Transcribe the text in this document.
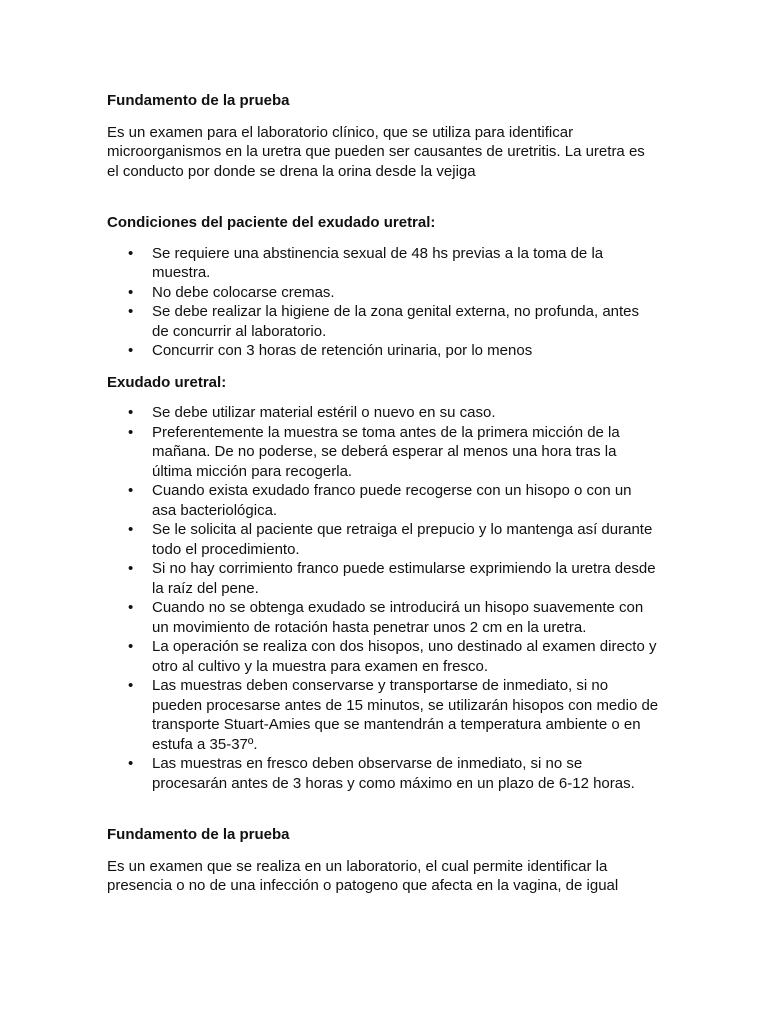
Fundamento de la prueba

Es un examen para el laboratorio clínico, que se utiliza para identificar
microorganismos en la uretra que pueden ser causantes de uretritis. La uretra es
el conducto por donde se drena la orina desde la vejiga

Condiciones del paciente del exudado uretral:
• Se requiere una abstinencia sexual de 48 hs previas a la toma de la
muestra.
• No debe colocarse cremas.
• Se debe realizar la higiene de la zona genital externa, no profunda, antes
de concurrir al laboratorio.
• Concurrir con 3 horas de retención urinaria, por lo menos
Exudado uretral:
• Se debe utilizar material estéril o nuevo en su caso.
• Preferentemente la muestra se toma antes de la primera micción de la
mañana. De no poderse, se deberá esperar al menos una hora tras la
última micción para recogerla.
• Cuando exista exudado franco puede recogerse con un hisopo o con un
asa bacteriológica.
• Se le solicita al paciente que retraiga el prepucio y lo mantenga así durante
todo el procedimiento.
• Si no hay corrimiento franco puede estimularse exprimiendo la uretra desde
la raíz del pene.
• Cuando no se obtenga exudado se introducirá un hisopo suavemente con
un movimiento de rotación hasta penetrar unos 2 cm en la uretra.
• La operación se realiza con dos hisopos, uno destinado al examen directo y
otro al cultivo y la muestra para examen en fresco.
• Las muestras deben conservarse y transportarse de inmediato, si no
pueden procesarse antes de 15 minutos, se utilizarán hisopos con medio de
transporte Stuart-Amies que se mantendrán a temperatura ambiente o en
estufa a 35-37º.
• Las muestras en fresco deben observarse de inmediato, si no se
procesarán antes de 3 horas y como máximo en un plazo de 6-12 horas.
Fundamento de la prueba

Es un examen que se realiza en un laboratorio, el cual permite identificar la
presencia o no de una infección o patogeno que afecta en la vagina, de igual
